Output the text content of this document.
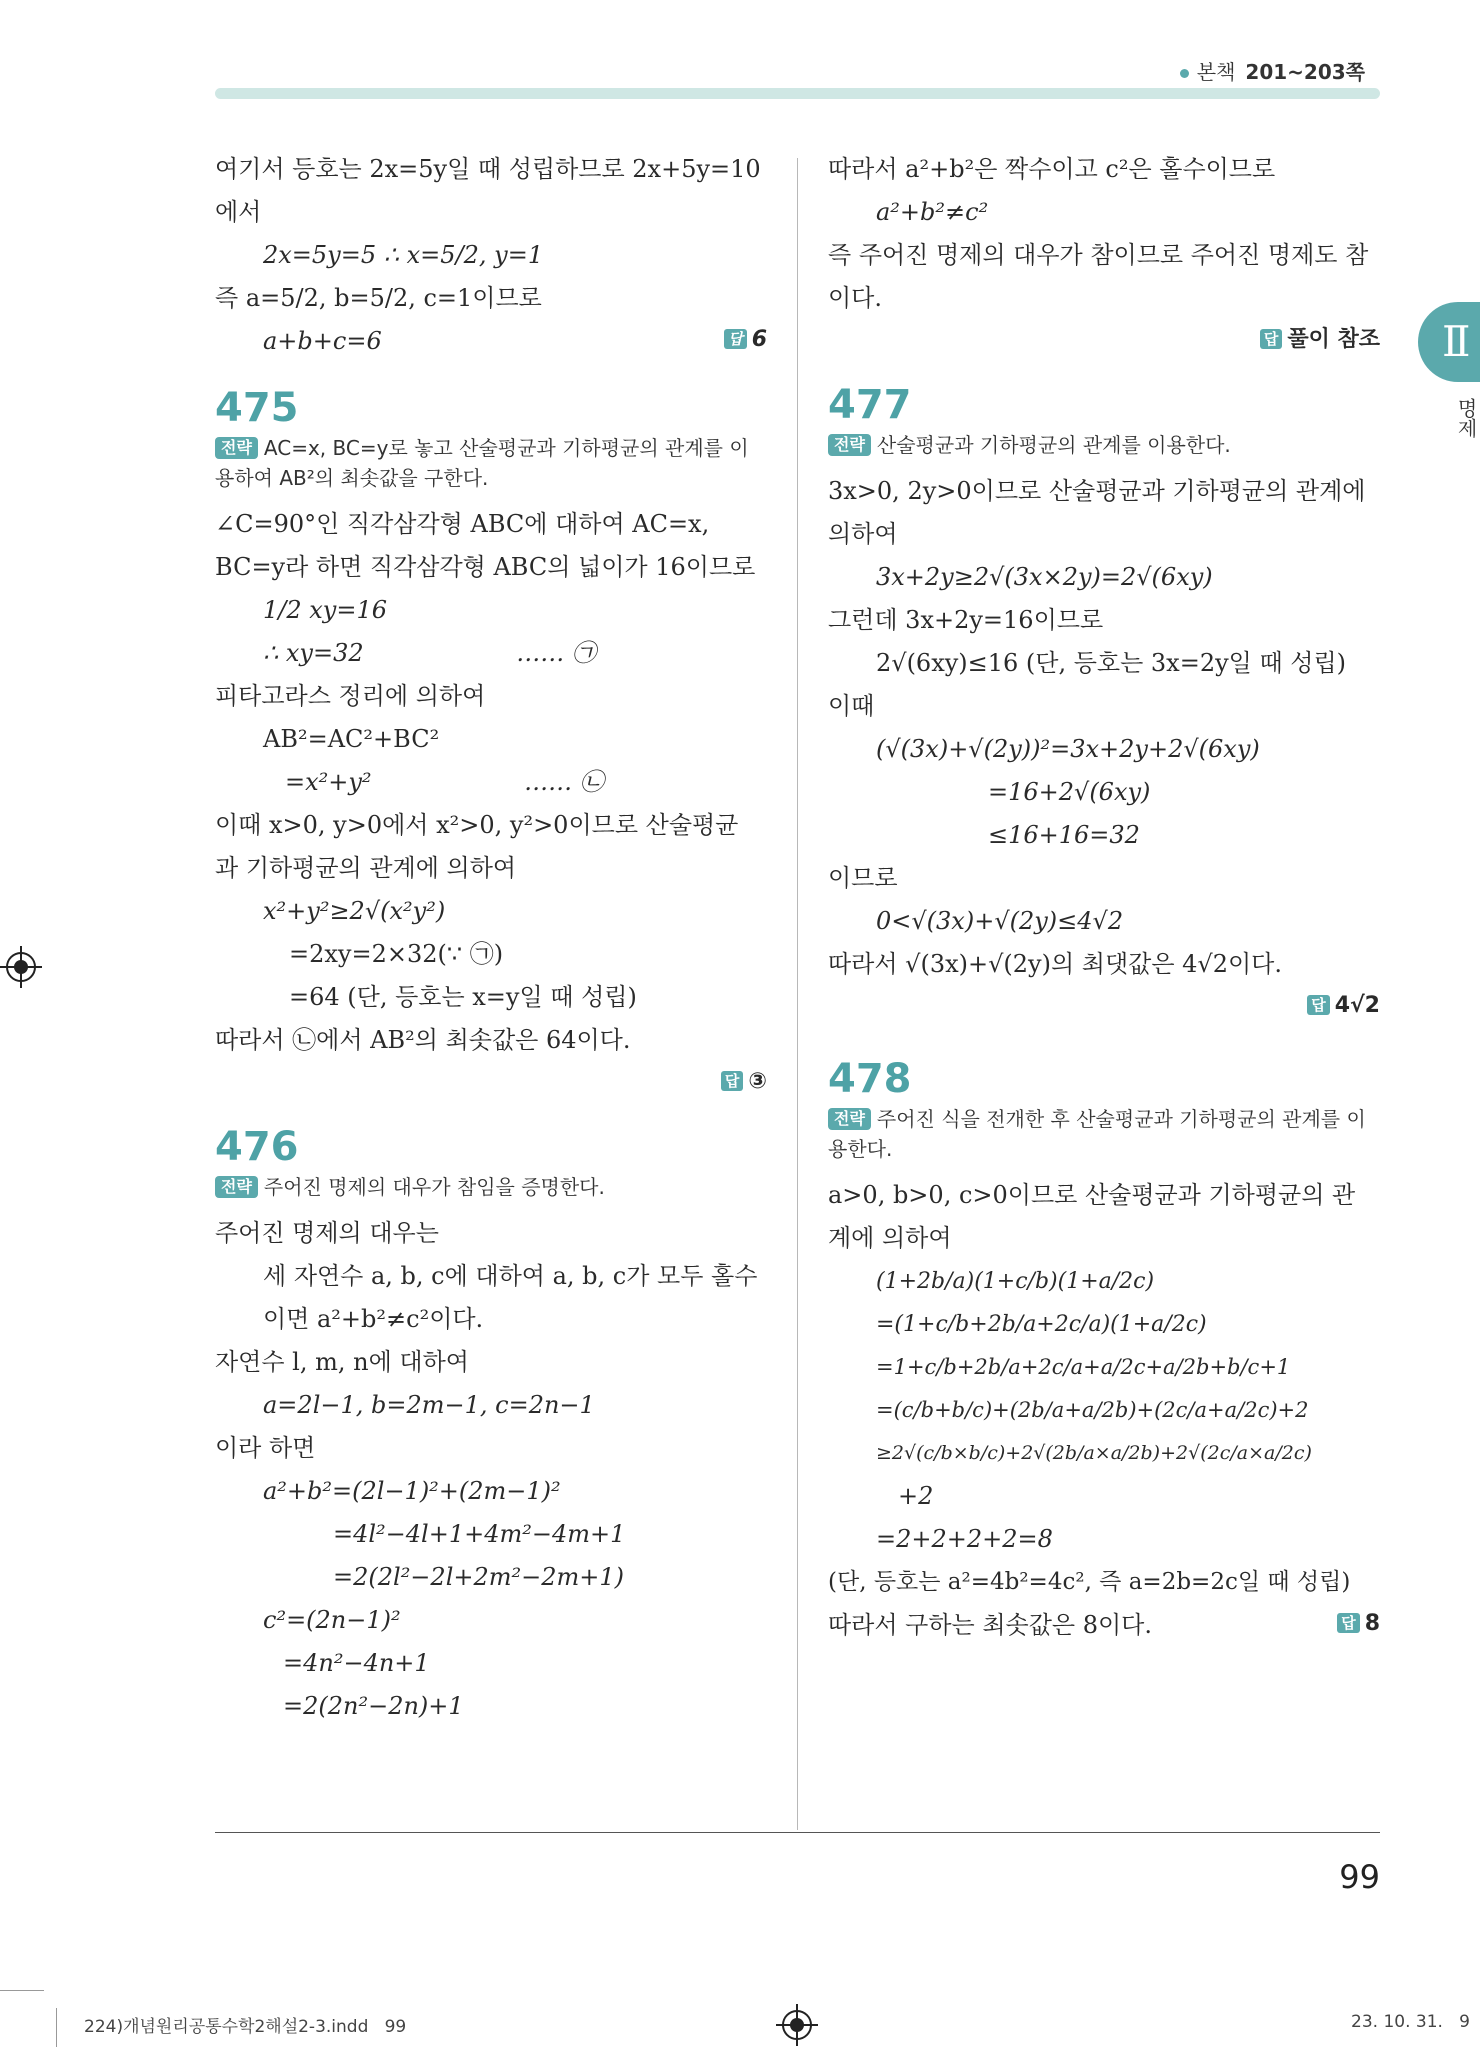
본책 201~203쪽
Ⅱ
명제
여기서 등호는 2x=5y일 때 성립하므로 2x+5y=10
에서
2x=5y=5 ∴ x=5/2, y=1
즉 a=5/2, b=5/2, c=1이므로
a+b+c=6	답 6
475
전략 AC=x, BC=y로 놓고 산술평균과 기하평균의 관계를 이용하여 AB²의 최솟값을 구한다.
∠C=90°인 직각삼각형 ABC에 대하여 AC=x,
BC=y라 하면 직각삼각형 ABC의 넓이가 16이므로
1/2 xy=16
∴ xy=32                    …… ㉠
피타고라스 정리에 의하여
AB²=AC²+BC²
=x²+y²                    …… ㉡
이때 x>0, y>0에서 x²>0, y²>0이므로 산술평균
과 기하평균의 관계에 의하여
x²+y²≥2√(x²y²)
=2xy=2×32(∵ ㉠)
=64 (단, 등호는 x=y일 때 성립)
따라서 ㉡에서 AB²의 최솟값은 64이다.
답 ③
476
전략 주어진 명제의 대우가 참임을 증명한다.
주어진 명제의 대우는
세 자연수 a, b, c에 대하여 a, b, c가 모두 홀수
이면 a²+b²≠c²이다.
자연수 l, m, n에 대하여
a=2l−1, b=2m−1, c=2n−1
이라 하면
a²+b²=(2l−1)²+(2m−1)²
=4l²−4l+1+4m²−4m+1
=2(2l²−2l+2m²−2m+1)
c²=(2n−1)²
=4n²−4n+1
=2(2n²−2n)+1
따라서 a²+b²은 짝수이고 c²은 홀수이므로
a²+b²≠c²
즉 주어진 명제의 대우가 참이므로 주어진 명제도 참
이다.
답 풀이 참조
477
전략 산술평균과 기하평균의 관계를 이용한다.
3x>0, 2y>0이므로 산술평균과 기하평균의 관계에
의하여
3x+2y≥2√(3x×2y)=2√(6xy)
그런데 3x+2y=16이므로
2√(6xy)≤16 (단, 등호는 3x=2y일 때 성립)
이때
(√(3x)+√(2y))²=3x+2y+2√(6xy)
=16+2√(6xy)
≤16+16=32
이므로
0<√(3x)+√(2y)≤4√2
따라서 √(3x)+√(2y)의 최댓값은 4√2이다.
답 4√2
478
전략 주어진 식을 전개한 후 산술평균과 기하평균의 관계를 이용한다.
a>0, b>0, c>0이므로 산술평균과 기하평균의 관
계에 의하여
(1+2b/a)(1+c/b)(1+a/2c)
=(1+c/b+2b/a+2c/a)(1+a/2c)
=1+c/b+2b/a+2c/a+a/2c+a/2b+b/c+1
=(c/b+b/c)+(2b/a+a/2b)+(2c/a+a/2c)+2
≥2√(c/b×b/c)+2√(2b/a×a/2b)+2√(2c/a×a/2c)
+2
=2+2+2+2=8
(단, 등호는 a²=4b²=4c², 즉 a=2b=2c일 때 성립)
따라서 구하는 최솟값은 8이다.	답 8
99
224)개념원리공통수학2해설2-3.indd   99	23. 10. 31.   9
